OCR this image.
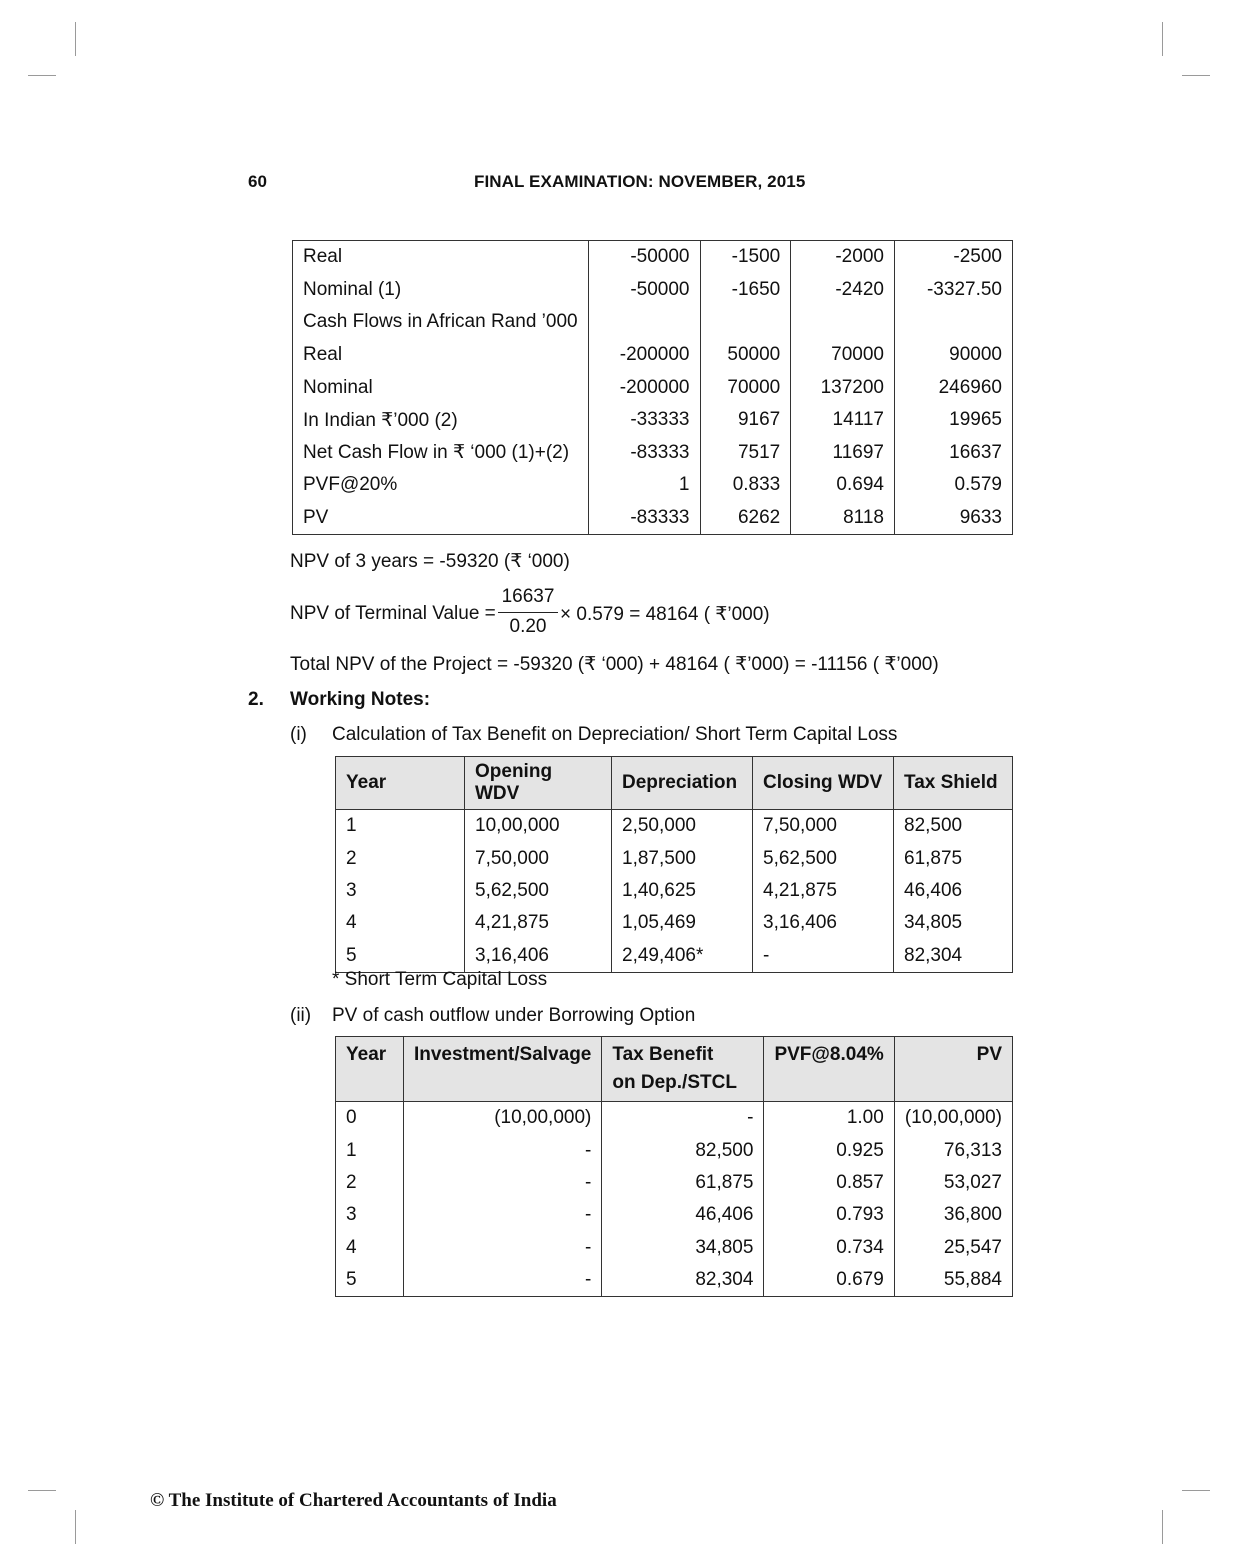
60	FINAL EXAMINATION: NOVEMBER, 2015
Real	-50000	-1500	-2000	-2500
Nominal (1)	-50000	-1650	-2420	-3327.50
Cash Flows in African Rand ’000				
Real	-200000	50000	70000	90000
Nominal	-200000	70000	137200	246960
In Indian ₹’000 (2)	-33333	9167	14117	19965
Net Cash Flow in ₹ ‘000 (1)+(2)	-83333	7517	11697	16637
PVF@20%	1	0.833	0.694	0.579
PV	-83333	6262	8118	9633
NPV of 3 years = -59320 (₹ ‘000)
NPV of Terminal Value =
16637
0.20
× 0.579 = 48164 ( ₹’000)
Total NPV of the Project = -59320 (₹ ‘000) + 48164 ( ₹’000) = -11156 ( ₹’000)
2. Working Notes:
(i) Calculation of Tax Benefit on Depreciation/ Short Term Capital Loss
Year	Opening WDV	Depreciation	Closing WDV	Tax Shield
1	10,00,000	2,50,000	7,50,000	82,500
2	7,50,000	1,87,500	5,62,500	61,875
3	5,62,500	1,40,625	4,21,875	46,406
4	4,21,875	1,05,469	3,16,406	34,805
5	3,16,406	2,49,406*	-	82,304
* Short Term Capital Loss
(ii) PV of cash outflow under Borrowing Option
Year	Investment/Salvage	Tax Benefit
on Dep./STCL	PVF@8.04%	PV
0	(10,00,000)	-	1.00	(10,00,000)
1	-	82,500	0.925	76,313
2	-	61,875	0.857	53,027
3	-	46,406	0.793	36,800
4	-	34,805	0.734	25,547
5	-	82,304	0.679	55,884
© The Institute of Chartered Accountants of India
